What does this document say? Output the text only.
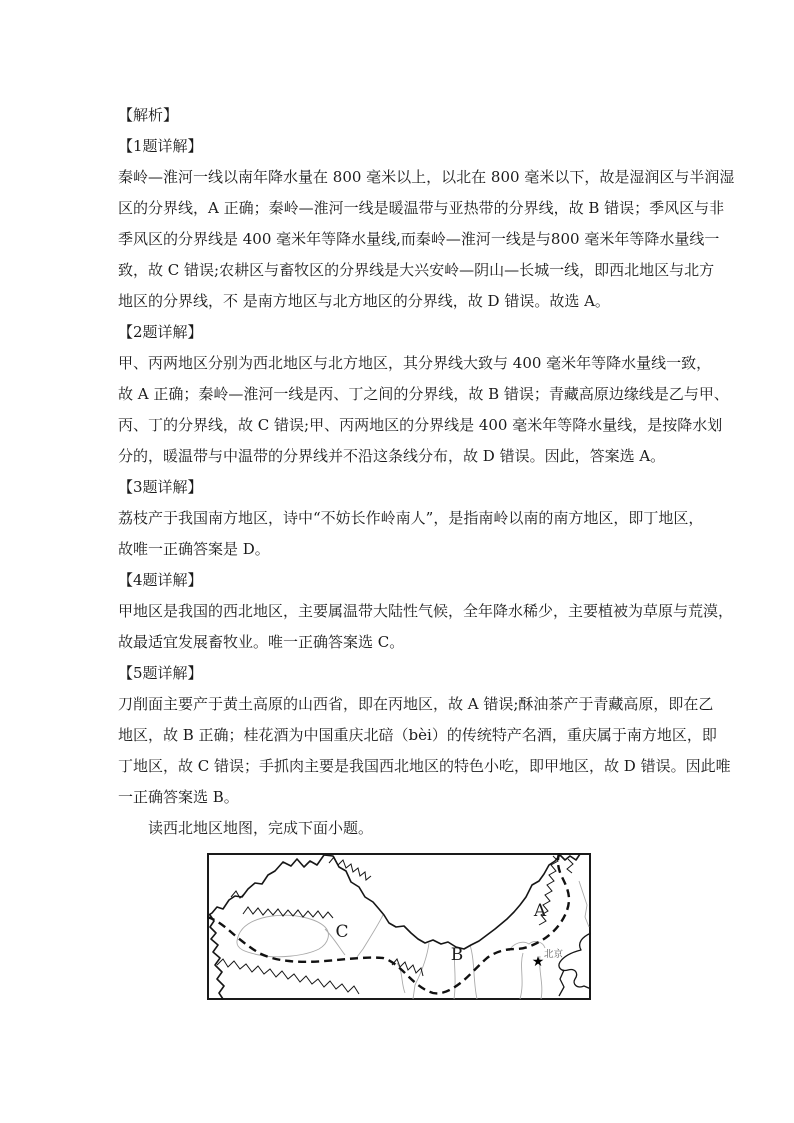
【解析】
【1题详解】
秦岭—淮河一线以南年降水量在 800 毫米以上，以北在 800 毫米以下，故是湿润区与半润湿
区的分界线，A 正确；秦岭—淮河一线是暖温带与亚热带的分界线，故 B 错误；季风区与非
季风区的分界线是 400 毫米年等降水量线,而秦岭—淮河一线是与800 毫米年等降水量线一
致，故 C 错误;农耕区与畜牧区的分界线是大兴安岭—阴山—长城一线，即西北地区与北方
地区的分界线，不 是南方地区与北方地区的分界线，故 D 错误。故选 A。
【2题详解】
甲、丙两地区分别为西北地区与北方地区，其分界线大致与 400 毫米年等降水量线一致，
故 A 正确；秦岭—淮河一线是丙、丁之间的分界线，故 B 错误；青藏高原边缘线是乙与甲、
丙、丁的分界线，故 C 错误;甲、丙两地区的分界线是 400 毫米年等降水量线，是按降水划
分的，暖温带与中温带的分界线并不沿这条线分布，故 D 错误。因此，答案选 A。
【3题详解】
荔枝产于我国南方地区，诗中“不妨长作岭南人”，是指南岭以南的南方地区，即丁地区，
故唯一正确答案是 D。
【4题详解】
甲地区是我国的西北地区，主要属温带大陆性气候，全年降水稀少，主要植被为草原与荒漠，
故最适宜发展畜牧业。唯一正确答案选 C。
【5题详解】
刀削面主要产于黄土高原的山西省，即在丙地区，故 A 错误;酥油茶产于青藏高原，即在乙
地区，故 B 正确；桂花酒为中国重庆北碚（bèi）的传统特产名酒，重庆属于南方地区，即
丁地区，故 C 错误；手抓肉主要是我国西北地区的特色小吃，即甲地区，故 D 错误。因此唯
一正确答案选 B。
读西北地区地图，完成下面小题。
C
B
A
★ 北京
